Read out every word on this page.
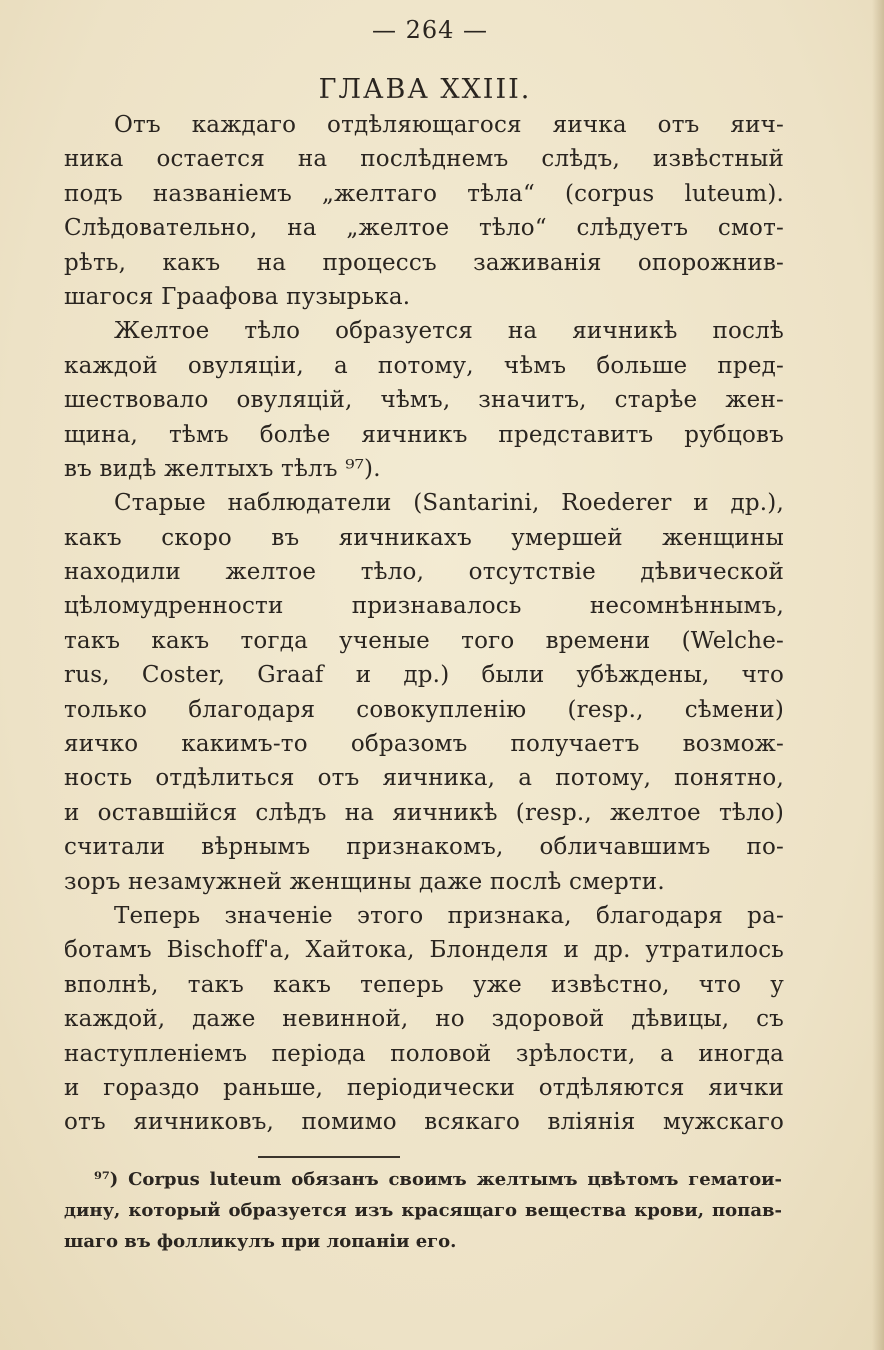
— 264 —
ГЛАВА XXIII.
Отъ каждаго отдѣляющагося яичка отъ яич-
ника остается на послѣднемъ слѣдъ, извѣстный
подъ названіемъ „желтаго тѣла“ (corpus luteum).
Слѣдовательно, на „желтое тѣло“ слѣдуетъ смот-
рѣть, какъ на процессъ заживанія опорожнив-
шагося Граафова пузырька.
Желтое тѣло образуется на яичникѣ послѣ
каждой овуляціи, а потому, чѣмъ больше пред-
шествовало овуляцій, чѣмъ, значитъ, старѣе жен-
щина, тѣмъ болѣе яичникъ представитъ рубцовъ
въ видѣ желтыхъ тѣлъ ⁹⁷).
Старые наблюдатели (Santarini, Roederer и др.),
какъ скоро въ яичникахъ умершей женщины
находили желтое тѣло, отсутствіе дѣвической
цѣломудренности признавалось несомнѣннымъ,
такъ какъ тогда ученые того времени (Welche-
rus, Coster, Graaf и др.) были убѣждены, что
только благодаря совокупленію (resp., сѣмени)
яичко какимъ-то образомъ получаетъ возмож-
ность отдѣлиться отъ яичника, а потому, понятно,
и оставшійся слѣдъ на яичникѣ (resp., желтое тѣло)
считали вѣрнымъ признакомъ, обличавшимъ по-
зоръ незамужней женщины даже послѣ смерти.
Теперь значеніе этого признака, благодаря ра-
ботамъ Bischoff'a, Хайтока, Блонделя и др. утратилось
вполнѣ, такъ какъ теперь уже извѣстно, что у
каждой, даже невинной, но здоровой дѣвицы, съ
наступленіемъ періода половой зрѣлости, а иногда
и гораздо раньше, періодически отдѣляются яички
отъ яичниковъ, помимо всякаго вліянія мужскаго
⁹⁷) Corpus luteum обязанъ своимъ желтымъ цвѣтомъ гематои-
дину, который образуется изъ красящаго вещества крови, попав-
шаго въ фолликулъ при лопаніи его.
